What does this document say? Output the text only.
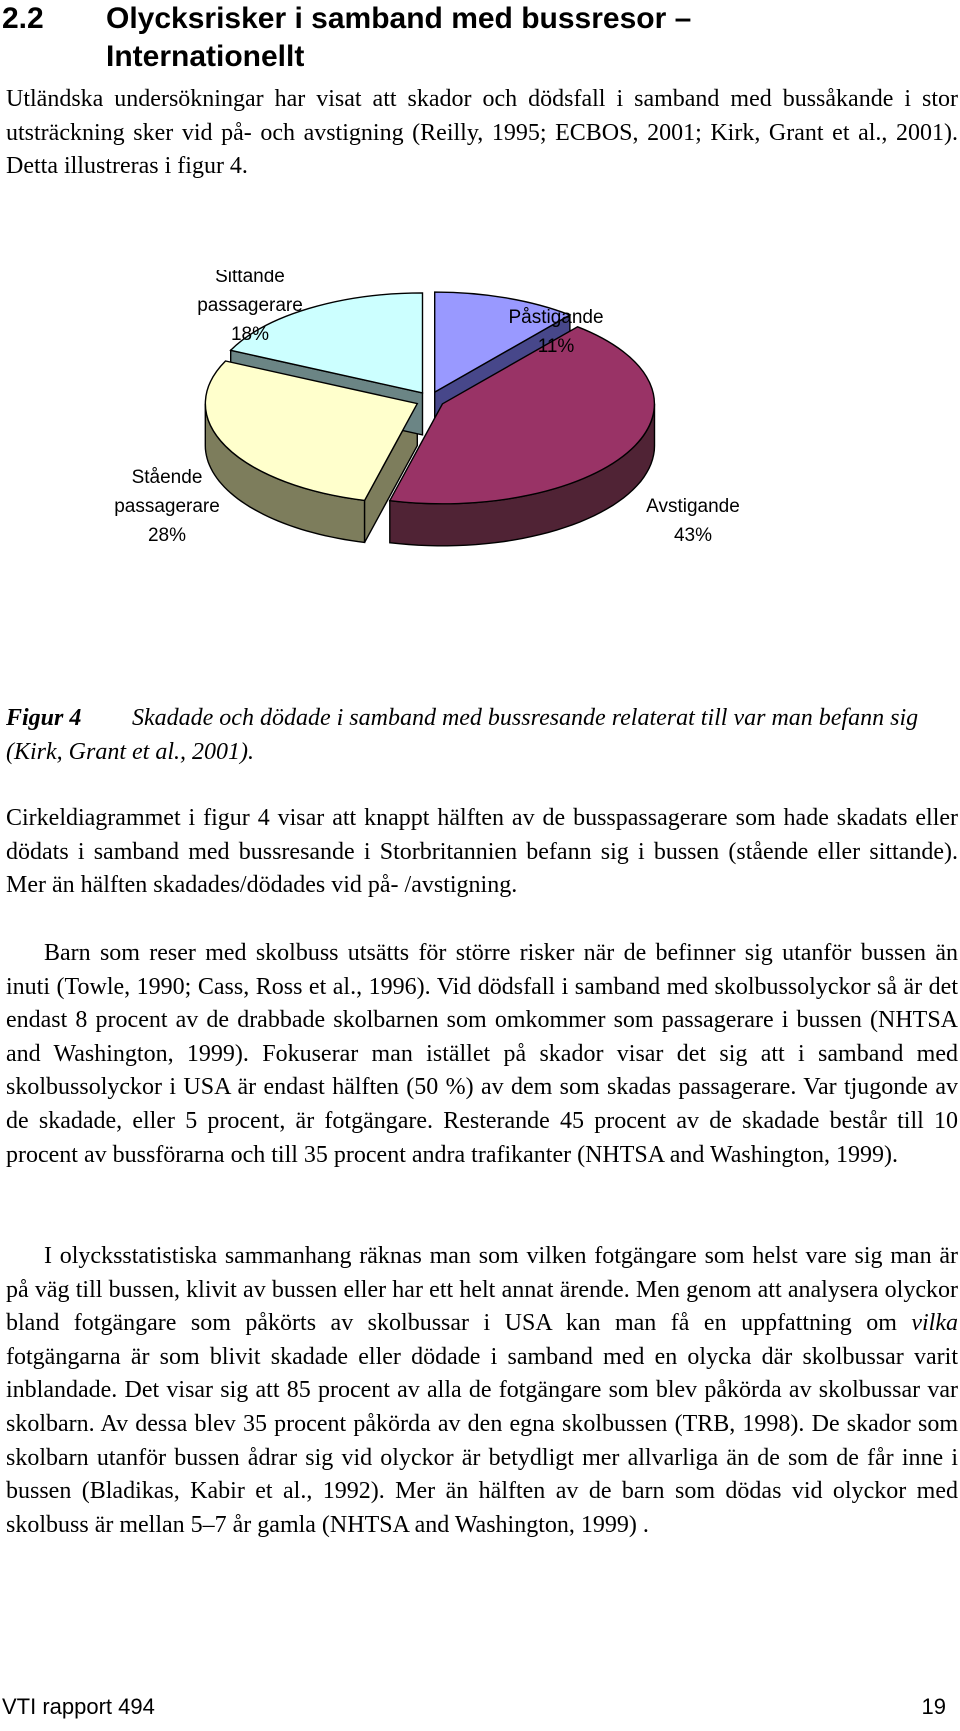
2.2 Olycksrisker i samband med bussresor –
Internationellt

Utländska undersökningar har visat att skador och dödsfall i samband med bussåkande i stor utsträckning sker vid på- och avstigning (Reilly, 1995; ECBOS, 2001; Kirk, Grant et al., 2001). Detta illustreras i figur 4.

Påstigande 11%
Avstigande 43%
Stående passagerare 28%
Sittande passagerare 18%

Figur 4 Skadade och dödade i samband med bussresande relaterat till var man befann sig (Kirk, Grant et al., 2001).

Cirkeldiagrammet i figur 4 visar att knappt hälften av de busspassagerare som hade skadats eller dödats i samband med bussresande i Storbritannien befann sig i bussen (stående eller sittande). Mer än hälften skadades/dödades vid på- /avstigning.

Barn som reser med skolbuss utsätts för större risker när de befinner sig utanför bussen än inuti (Towle, 1990; Cass, Ross et al., 1996). Vid dödsfall i samband med skolbussolyckor så är det endast 8 procent av de drabbade skolbarnen som omkommer som passagerare i bussen (NHTSA and Washington, 1999). Fokuserar man istället på skador visar det sig att i samband med skolbussolyckor i USA är endast hälften (50 %) av dem som skadas passagerare. Var tjugonde av de skadade, eller 5 procent, är fotgängare. Resterande 45 procent av de skadade består till 10 procent av bussförarna och till 35 procent andra trafikanter (NHTSA and Washington, 1999).

I olycksstatistiska sammanhang räknas man som vilken fotgängare som helst vare sig man är på väg till bussen, klivit av bussen eller har ett helt annat ärende. Men genom att analysera olyckor bland fotgängare som påkörts av skolbussar i USA kan man få en uppfattning om vilka fotgängarna är som blivit skadade eller dödade i samband med en olycka där skolbussar varit inblandade. Det visar sig att 85 procent av alla de fotgängare som blev påkörda av skolbussar var skolbarn. Av dessa blev 35 procent påkörda av den egna skolbussen (TRB, 1998). De skador som skolbarn utanför bussen ådrar sig vid olyckor är betydligt mer allvarliga än de som de får inne i bussen (Bladikas, Kabir et al., 1992). Mer än hälften av de barn som dödas vid olyckor med skolbuss är mellan 5–7 år gamla (NHTSA and Washington, 1999) .

VTI rapport 494	19
